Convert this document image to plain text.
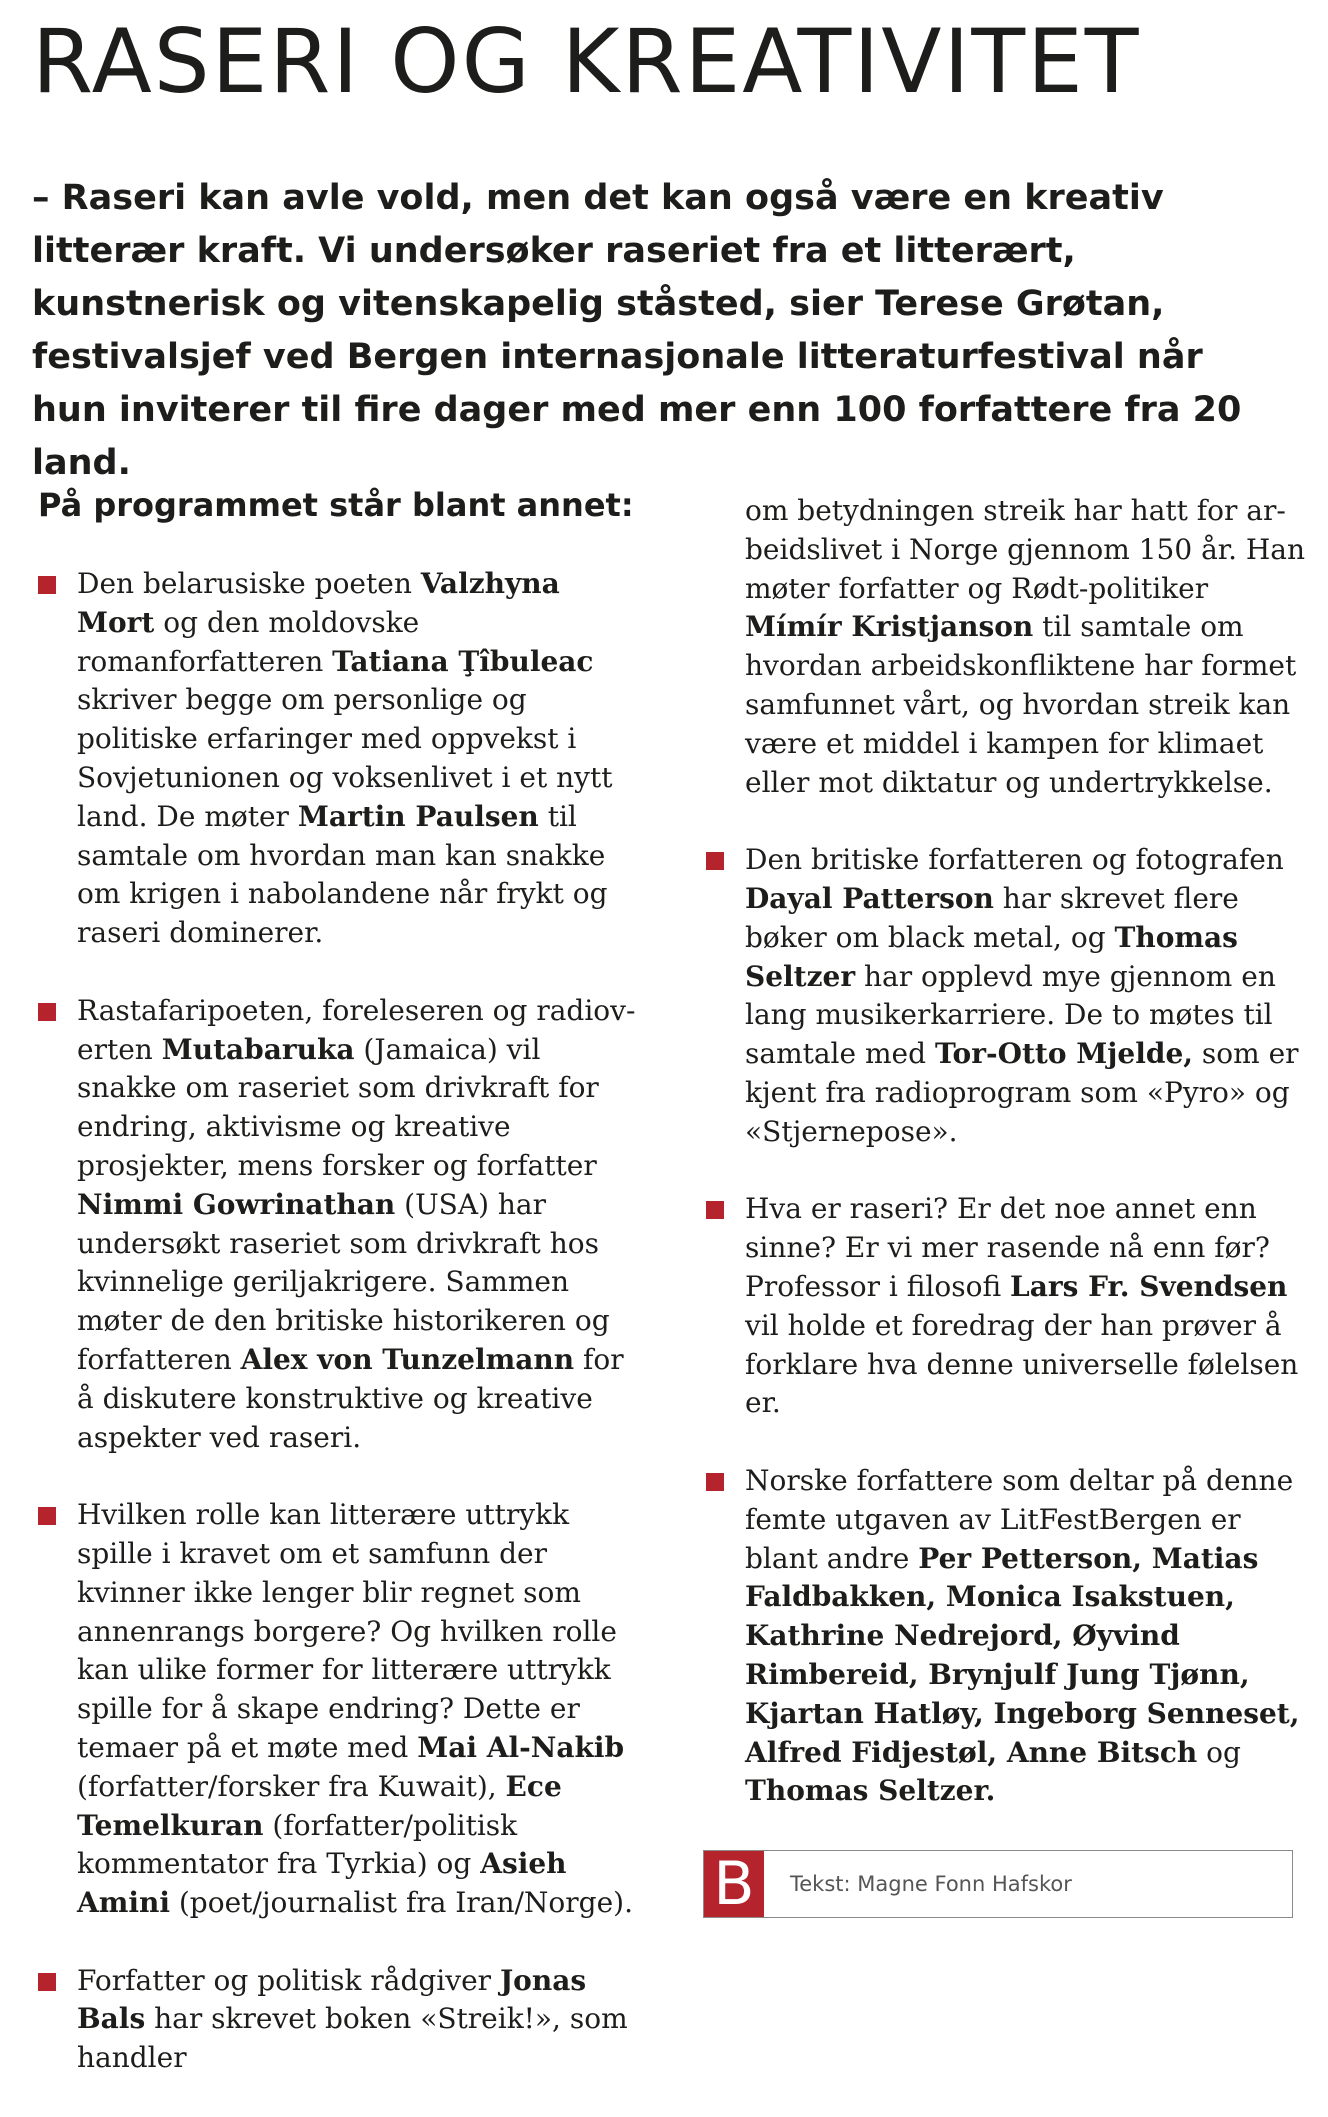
RASERI OG KREATIVITET

– Raseri kan avle vold, men det kan også være en kreativ litterær kraft. Vi undersøker raseriet fra et litterært, kunstnerisk og vitenskapelig ståsted, sier Terese Grøtan, festivalsjef ved Bergen internasjonale litteraturfestival når hun inviterer til fire dager med mer enn 100 forfattere fra 20 land.

På programmet står blant annet:

Den belarusiske poeten Valzhyna Mort og den moldovske romanforfatteren Tatiana Ţîbuleac skriver begge om personlige og politiske erfaringer med oppvekst i Sovjetunionen og voksenlivet i et nytt land. De møter Martin Paulsen til samtale om hvordan man kan snakke om krigen i nabolandene når frykt og raseri dominerer.

Rastafaripoeten, foreleseren og radioverten Mutabaruka (Jamaica) vil snakke om raseriet som drivkraft for endring, aktivisme og kreative prosjekter, mens forsker og forfatter Nimmi Gowrinathan (USA) har undersøkt raseriet som drivkraft hos kvinnelige geriljakrigere. Sammen møter de den britiske historikeren og forfatteren Alex von Tunzelmann for å diskutere konstruktive og kreative aspekter ved raseri.

Hvilken rolle kan litterære uttrykk spille i kravet om et samfunn der kvinner ikke lenger blir regnet som annenrangs borgere? Og hvilken rolle kan ulike former for litterære uttrykk spille for å skape endring? Dette er temaer på et møte med Mai Al-Nakib (forfatter/forsker fra Kuwait), Ece Temelkuran (forfatter/politisk kommentator fra Tyrkia) og Asieh Amini (poet/journalist fra Iran/Norge).

Forfatter og politisk rådgiver Jonas Bals har skrevet boken «Streik!», som handler

om betydningen streik har hatt for arbeidslivet i Norge gjennom 150 år. Han møter forfatter og Rødt-politiker Mímír Kristjanson til samtale om hvordan arbeidskonfliktene har formet samfunnet vårt, og hvordan streik kan være et middel i kampen for klimaet eller mot diktatur og undertrykkelse.

Den britiske forfatteren og fotografen Dayal Patterson har skrevet flere bøker om black metal, og Thomas Seltzer har opplevd mye gjennom en lang musikerkarriere. De to møtes til samtale med Tor-Otto Mjelde, som er kjent fra radioprogram som «Pyro» og «Stjernepose».

Hva er raseri? Er det noe annet enn sinne? Er vi mer rasende nå enn før? Professor i filosofi Lars Fr. Svendsen vil holde et foredrag der han prøver å forklare hva denne universelle følelsen er.

Norske forfattere som deltar på denne femte utgaven av LitFestBergen er blant andre Per Petterson, Matias Faldbakken, Monica Isakstuen, Kathrine Nedrejord, Øyvind Rimbereid, Brynjulf Jung Tjønn, Kjartan Hatløy, Ingeborg Senneset, Alfred Fidjestøl, Anne Bitsch og Thomas Seltzer.

B	Tekst: Magne Fonn Hafskor
